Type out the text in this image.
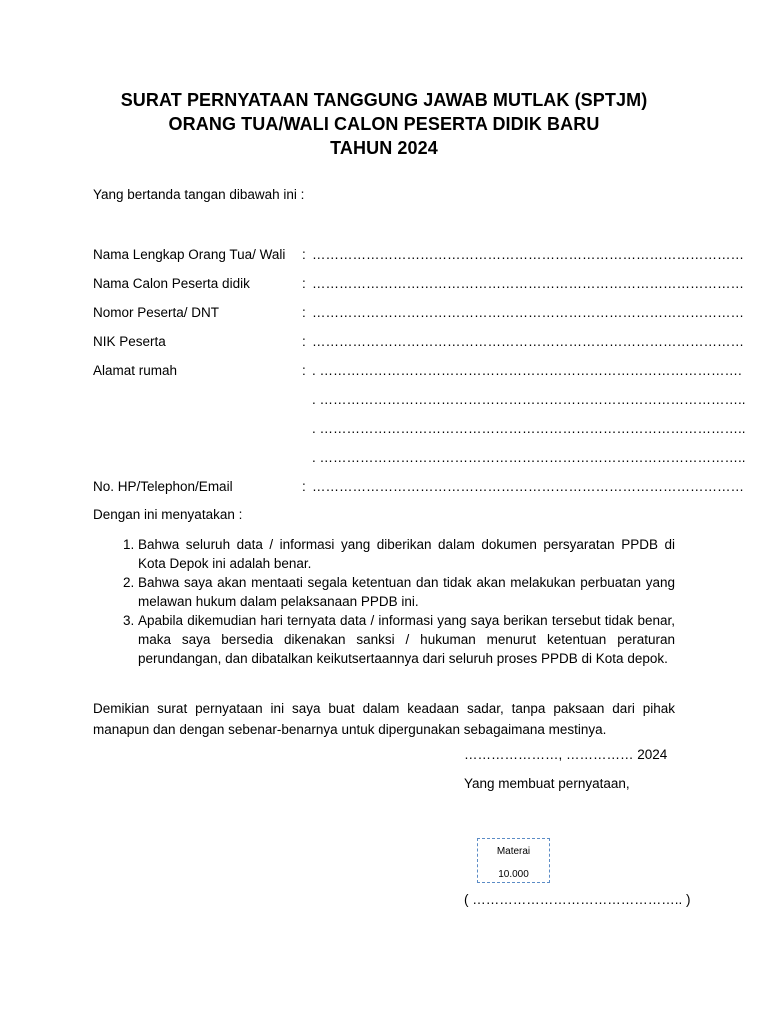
SURAT PERNYATAAN TANGGUNG JAWAB MUTLAK (SPTJM)
ORANG TUA/WALI CALON PESERTA DIDIK BARU
TAHUN 2024
Yang bertanda tangan dibawah ini :
Nama Lengkap Orang Tua/ Wali : ……………………………………………………………………………………
Nama Calon Peserta didik	: ……………………………………………………………………………………
Nomor Peserta/ DNT	: ……………………………………………………………………………………
NIK Peserta	: ……………………………………………………………………………………
Alamat rumah	: . ………………………………………………………………………………….
. …………………………………………………………………………………..
. …………………………………………………………………………………..
. …………………………………………………………………………………..
No. HP/Telephon/Email	: ……………………………………………………………………………………
Dengan ini menyatakan :
1. Bahwa seluruh data / informasi yang diberikan dalam dokumen persyaratan PPDB di Kota Depok ini adalah benar.
2. Bahwa saya akan mentaati segala ketentuan dan tidak akan melakukan perbuatan yang melawan hukum dalam pelaksanaan PPDB ini.
3. Apabila dikemudian hari ternyata data / informasi yang saya berikan tersebut tidak benar, maka saya bersedia dikenakan sanksi / hukuman menurut ketentuan peraturan perundangan, dan dibatalkan keikutsertaannya dari seluruh proses PPDB di Kota depok.
Demikian surat pernyataan ini saya buat dalam keadaan sadar, tanpa paksaan dari pihak manapun dan dengan sebenar-benarnya untuk dipergunakan sebagaimana mestinya.
…………………, …………… 2024
Yang membuat pernyataan,
Materai
10.000
( ……………………………………….. )
